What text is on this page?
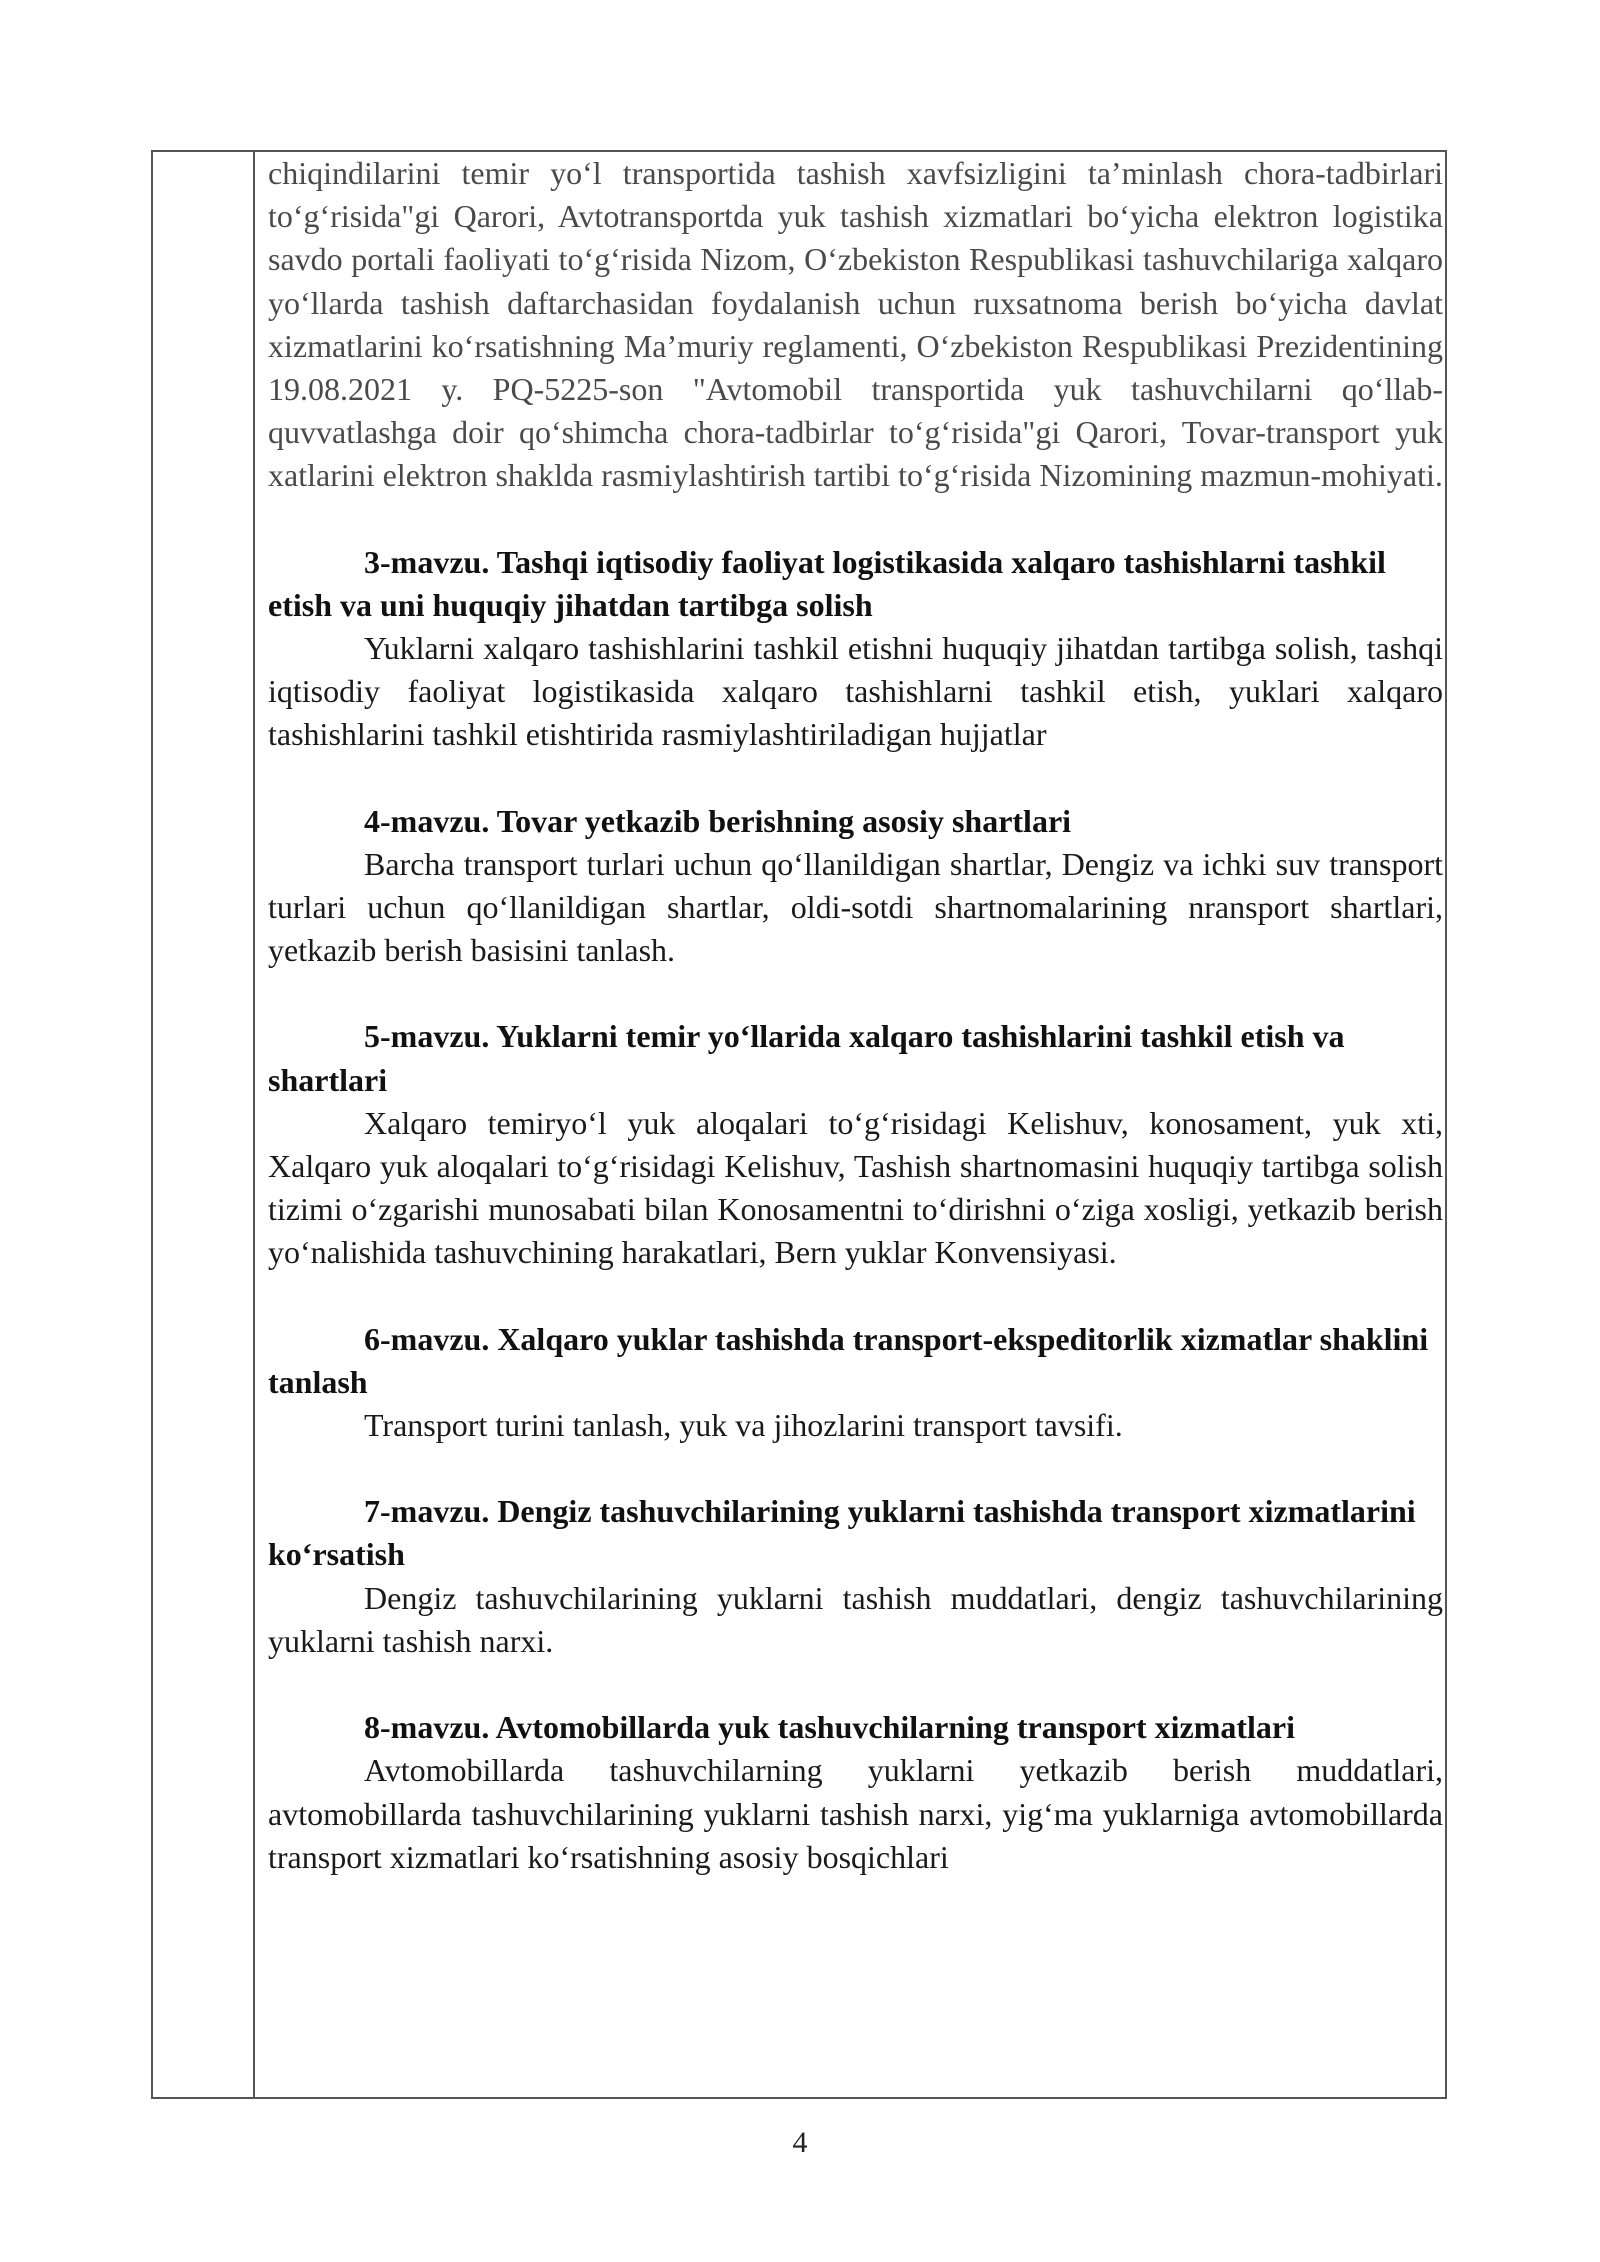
chiqindilarini temir yo‘l transportida tashish xavfsizligini ta’minlash chora-tadbirlari to‘g‘risida"gi Qarori, Avtotransportda yuk tashish xizmatlari bo‘yicha elektron logistika savdo portali faoliyati to‘g‘risida Nizom, O‘zbekiston Respublikasi tashuvchilariga xalqaro yo‘llarda tashish daftarchasidan foydalanish uchun ruxsatnoma berish bo‘yicha davlat xizmatlarini ko‘rsatishning Ma’muriy reglamenti, O‘zbekiston Respublikasi Prezidentining 19.08.2021 y. PQ-5225-son "Avtomobil transportida yuk tashuvchilarni qo‘llab-quvvatlashga doir qo‘shimcha chora-tadbirlar to‘g‘risida"gi Qarori, Tovar-transport yuk xatlarini elektron shaklda rasmiylashtirish tartibi to‘g‘risida Nizomining mazmun-mohiyati.

3-mavzu. Tashqi iqtisodiy faoliyat logistikasida xalqaro tashishlarni tashkil etish va uni huquqiy jihatdan tartibga solish

Yuklarni xalqaro tashishlarini tashkil etishni huquqiy jihatdan tartibga solish, tashqi iqtisodiy faoliyat logistikasida xalqaro tashishlarni tashkil etish, yuklari xalqaro tashishlarini tashkil etishtirida rasmiylashtiriladigan hujjatlar

4-mavzu. Tovar yetkazib berishning asosiy shartlari

Barcha transport turlari uchun qo‘llanildigan shartlar, Dengiz va ichki suv transport turlari uchun qo‘llanildigan shartlar, oldi-sotdi shartnomalarining nransport shartlari, yetkazib berish basisini tanlash.

5-mavzu. Yuklarni temir yo‘llarida xalqaro tashishlarini tashkil etish va shartlari

Xalqaro temiryo‘l yuk aloqalari to‘g‘risidagi Kelishuv, konosament, yuk xti, Xalqaro yuk aloqalari to‘g‘risidagi Kelishuv, Tashish shartnomasini huquqiy tartibga solish tizimi o‘zgarishi munosabati bilan Konosamentni to‘dirishni o‘ziga xosligi, yetkazib berish yo‘nalishida tashuvchining harakatlari, Bern yuklar Konvensiyasi.

6-mavzu. Xalqaro yuklar tashishda transport-ekspeditorlik xizmatlar shaklini tanlash

Transport turini tanlash, yuk va jihozlarini transport tavsifi.

7-mavzu. Dengiz tashuvchilarining yuklarni tashishda transport xizmatlarini ko‘rsatish

Dengiz tashuvchilarining yuklarni tashish muddatlari, dengiz tashuvchilarining yuklarni tashish narxi.

8-mavzu. Avtomobillarda yuk tashuvchilarning transport xizmatlari

Avtomobillarda tashuvchilarning yuklarni yetkazib berish muddatlari, avtomobillarda tashuvchilarining yuklarni tashish narxi, yig‘ma yuklarniga avtomobillarda transport xizmatlari ko‘rsatishning asosiy bosqichlari

4
